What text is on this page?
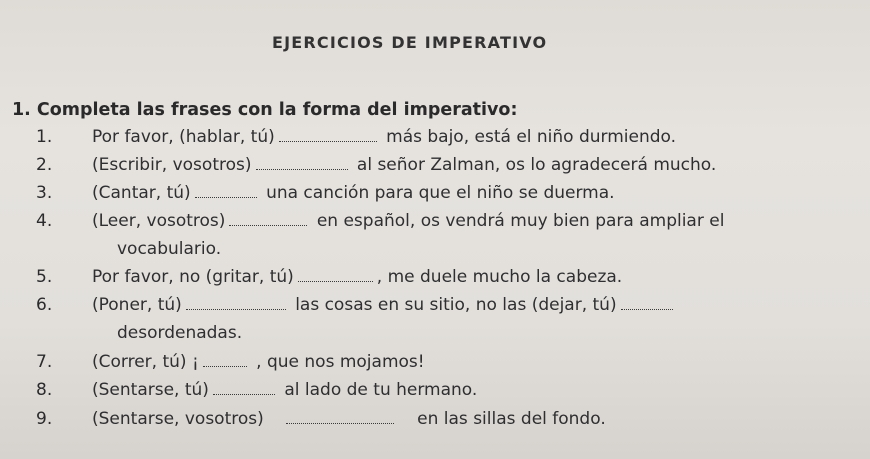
EJERCICIOS DE IMPERATIVO
1. Completa las frases con la forma del imperativo:
1. Por favor, (hablar, tú)	más bajo, está el niño durmiendo.
2. (Escribir, vosotros)	al señor Zalman, os lo agradecerá mucho.
3. (Cantar, tú)	una canción para que el niño se duerma.
4. (Leer, vosotros)	en español, os vendrá muy bien para ampliar el
vocabulario.
5. Por favor, no (gritar, tú)	, me duele mucho la cabeza.
6. (Poner, tú)	las cosas en su sitio, no las (dejar, tú)
desordenadas.
7. (Correr, tú) ¡	, que nos mojamos!
8. (Sentarse, tú)	al lado de tu hermano.
9. (Sentarse, vosotros)	en las sillas del fondo.
